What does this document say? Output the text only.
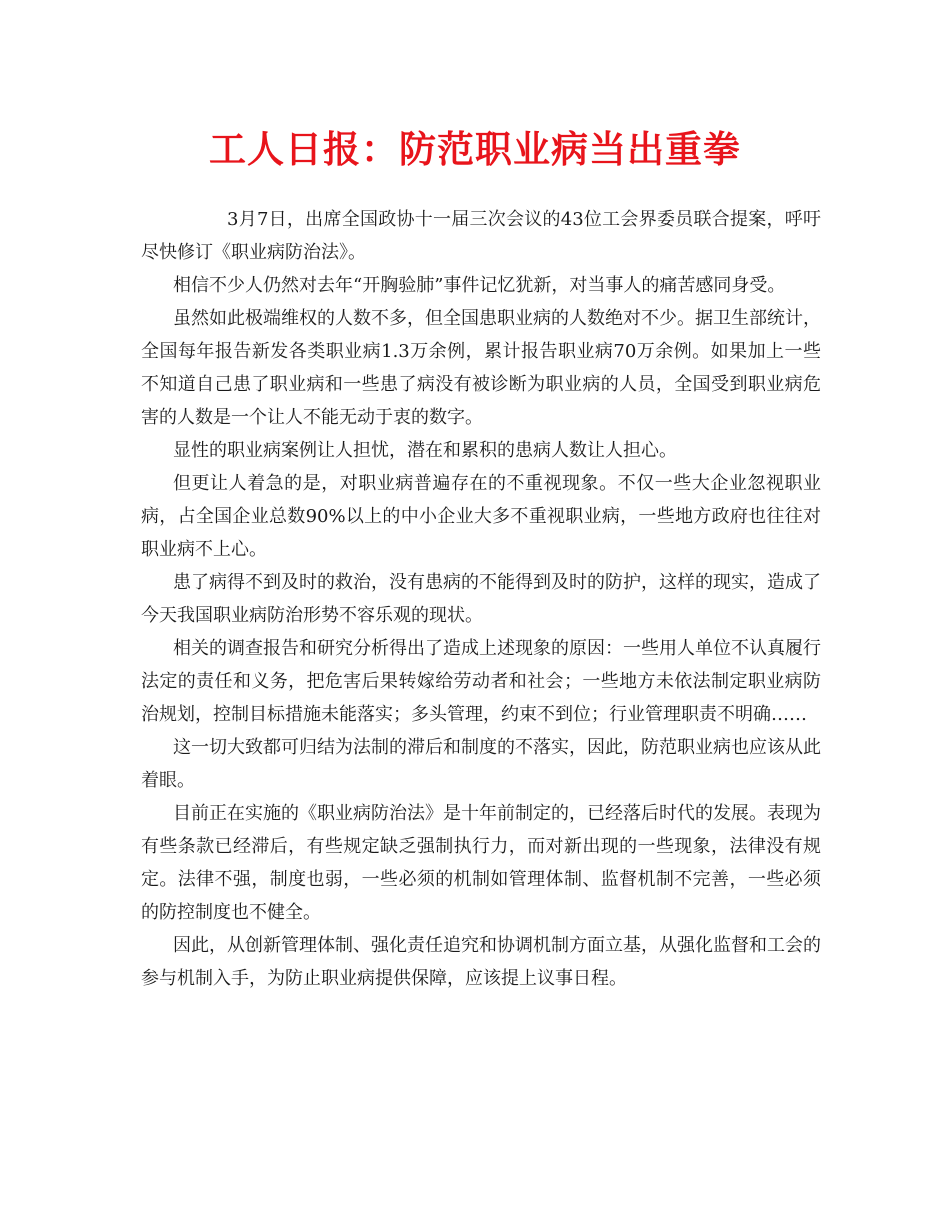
工人日报：防范职业病当出重拳

3月7日，出席全国政协十一届三次会议的43位工会界委员联合提案，呼吁尽快修订《职业病防治法》。

相信不少人仍然对去年“开胸验肺”事件记忆犹新，对当事人的痛苦感同身受。

虽然如此极端维权的人数不多，但全国患职业病的人数绝对不少。据卫生部统计，全国每年报告新发各类职业病1.3万余例，累计报告职业病70万余例。如果加上一些不知道自己患了职业病和一些患了病没有被诊断为职业病的人员，全国受到职业病危害的人数是一个让人不能无动于衷的数字。

显性的职业病案例让人担忧，潜在和累积的患病人数让人担心。

但更让人着急的是，对职业病普遍存在的不重视现象。不仅一些大企业忽视职业病，占全国企业总数90%以上的中小企业大多不重视职业病，一些地方政府也往往对职业病不上心。

患了病得不到及时的救治，没有患病的不能得到及时的防护，这样的现实，造成了今天我国职业病防治形势不容乐观的现状。

相关的调查报告和研究分析得出了造成上述现象的原因：一些用人单位不认真履行法定的责任和义务，把危害后果转嫁给劳动者和社会；一些地方未依法制定职业病防治规划，控制目标措施未能落实；多头管理，约束不到位；行业管理职责不明确……

这一切大致都可归结为法制的滞后和制度的不落实，因此，防范职业病也应该从此着眼。

目前正在实施的《职业病防治法》是十年前制定的，已经落后时代的发展。表现为有些条款已经滞后，有些规定缺乏强制执行力，而对新出现的一些现象，法律没有规定。法律不强，制度也弱，一些必须的机制如管理体制、监督机制不完善，一些必须的防控制度也不健全。

因此，从创新管理体制、强化责任追究和协调机制方面立基，从强化监督和工会的参与机制入手，为防止职业病提供保障，应该提上议事日程。
